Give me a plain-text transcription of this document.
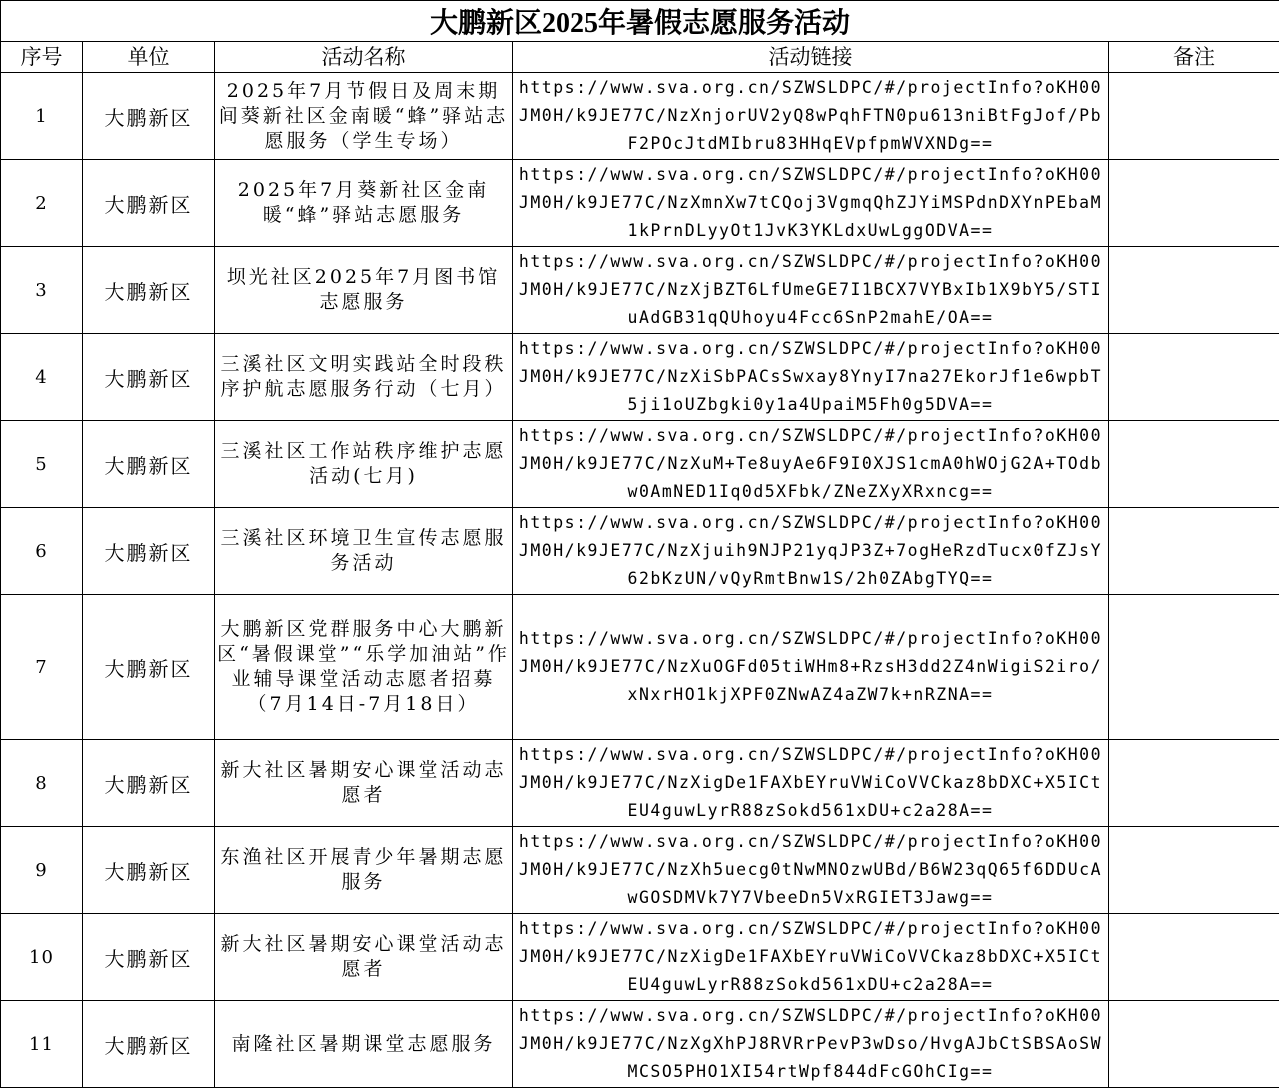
大鹏新区2025年暑假志愿服务活动				
序号	单位	活动名称	活动链接	备注
1	大鹏新区	2025年7月节假日及周末期间葵新社区金南暖“蜂”驿站志愿服务（学生专场）	https://www.sva.org.cn/SZWSLDPC/#/projectInfo?oKH00JM0H/k9JE77C/NzXnjorUV2yQ8wPqhFTN0pu613niBtFgJof/PbF2POcJtdMIbru83HHqEVpfpmWVXNDg==	
2	大鹏新区	2025年7月葵新社区金南暖“蜂”驿站志愿服务	https://www.sva.org.cn/SZWSLDPC/#/projectInfo?oKH00JM0H/k9JE77C/NzXmnXw7tCQoj3VgmqQhZJYiMSPdnDXYnPEbaM1kPrnDLyyOt1JvK3YKLdxUwLggODVA==	
3	大鹏新区	坝光社区2025年7月图书馆志愿服务	https://www.sva.org.cn/SZWSLDPC/#/projectInfo?oKH00JM0H/k9JE77C/NzXjBZT6LfUmeGE7I1BCX7VYBxIb1X9bY5/STIuAdGB31qQUhoyu4Fcc6SnP2mahE/OA==	
4	大鹏新区	三溪社区文明实践站全时段秩序护航志愿服务行动（七月）	https://www.sva.org.cn/SZWSLDPC/#/projectInfo?oKH00JM0H/k9JE77C/NzXiSbPACsSwxay8YnyI7na27EkorJf1e6wpbT5ji1oUZbgki0y1a4UpaiM5Fh0g5DVA==	
5	大鹏新区	三溪社区工作站秩序维护志愿活动(七月)	https://www.sva.org.cn/SZWSLDPC/#/projectInfo?oKH00JM0H/k9JE77C/NzXuM+Te8uyAe6F9I0XJS1cmA0hWOjG2A+TOdbw0AmNED1Iq0d5XFbk/ZNeZXyXRxncg==	
6	大鹏新区	三溪社区环境卫生宣传志愿服务活动	https://www.sva.org.cn/SZWSLDPC/#/projectInfo?oKH00JM0H/k9JE77C/NzXjuih9NJP21yqJP3Z+7ogHeRzdTucx0fZJsY62bKzUN/vQyRmtBnw1S/2h0ZAbgTYQ==	
7	大鹏新区	大鹏新区党群服务中心大鹏新区“暑假课堂”“乐学加油站”作业辅导课堂活动志愿者招募（7月14日-7月18日）	https://www.sva.org.cn/SZWSLDPC/#/projectInfo?oKH00JM0H/k9JE77C/NzXuOGFd05tiWHm8+RzsH3dd2Z4nWigiS2iro/xNxrHO1kjXPF0ZNwAZ4aZW7k+nRZNA==	
8	大鹏新区	新大社区暑期安心课堂活动志愿者	https://www.sva.org.cn/SZWSLDPC/#/projectInfo?oKH00JM0H/k9JE77C/NzXigDe1FAXbEYruVWiCoVVCkaz8bDXC+X5ICtEU4guwLyrR88zSokd561xDU+c2a28A==	
9	大鹏新区	东渔社区开展青少年暑期志愿服务	https://www.sva.org.cn/SZWSLDPC/#/projectInfo?oKH00JM0H/k9JE77C/NzXh5uecg0tNwMNOzwUBd/B6W23qQ65f6DDUcAwGOSDMVk7Y7VbeeDn5VxRGIET3Jawg==	
10	大鹏新区	新大社区暑期安心课堂活动志愿者	https://www.sva.org.cn/SZWSLDPC/#/projectInfo?oKH00JM0H/k9JE77C/NzXigDe1FAXbEYruVWiCoVVCkaz8bDXC+X5ICtEU4guwLyrR88zSokd561xDU+c2a28A==	
11	大鹏新区	南隆社区暑期课堂志愿服务	https://www.sva.org.cn/SZWSLDPC/#/projectInfo?oKH00JM0H/k9JE77C/NzXgXhPJ8RVRrPevP3wDso/HvgAJbCtSBSAoSWMCSO5PHO1XI54rtWpf844dFcGOhCIg==	
